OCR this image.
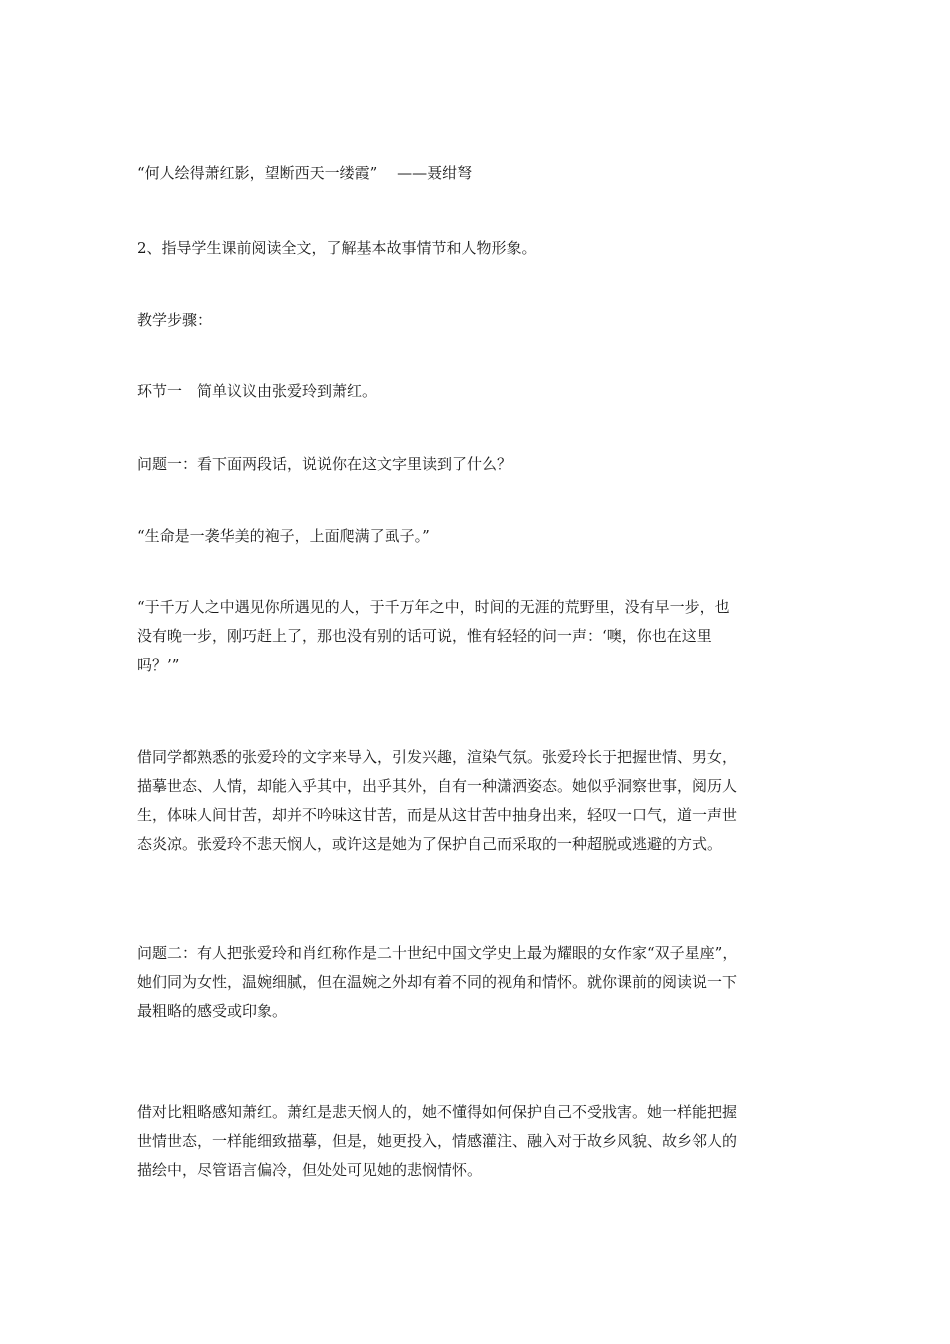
“何人绘得萧红影，望断西天一缕霞”　 ——聂绀弩

2、指导学生课前阅读全文，了解基本故事情节和人物形象。

教学步骤：

环节一　简单议议由张爱玲到萧红。

问题一：看下面两段话，说说你在这文字里读到了什么？

“生命是一袭华美的袍子，上面爬满了虱子。”

“于千万人之中遇见你所遇见的人，于千万年之中，时间的无涯的荒野里，没有早一步，也
没有晚一步，刚巧赶上了，那也没有别的话可说，惟有轻轻的问一声：‘噢，你也在这里
吗？’”

借同学都熟悉的张爱玲的文字来导入，引发兴趣，渲染气氛。张爱玲长于把握世情、男女，
描摹世态、人情，却能入乎其中，出乎其外，自有一种潇洒姿态。她似乎洞察世事，阅历人
生，体味人间甘苦，却并不吟味这甘苦，而是从这甘苦中抽身出来，轻叹一口气，道一声世
态炎凉。张爱玲不悲天悯人，或许这是她为了保护自己而采取的一种超脱或逃避的方式。

问题二：有人把张爱玲和肖红称作是二十世纪中国文学史上最为耀眼的女作家“双子星座”，
她们同为女性，温婉细腻，但在温婉之外却有着不同的视角和情怀。就你课前的阅读说一下
最粗略的感受或印象。

借对比粗略感知萧红。萧红是悲天悯人的，她不懂得如何保护自己不受戕害。她一样能把握
世情世态，一样能细致描摹，但是，她更投入，情感灌注、融入对于故乡风貌、故乡邻人的
描绘中，尽管语言偏冷，但处处可见她的悲悯情怀。
